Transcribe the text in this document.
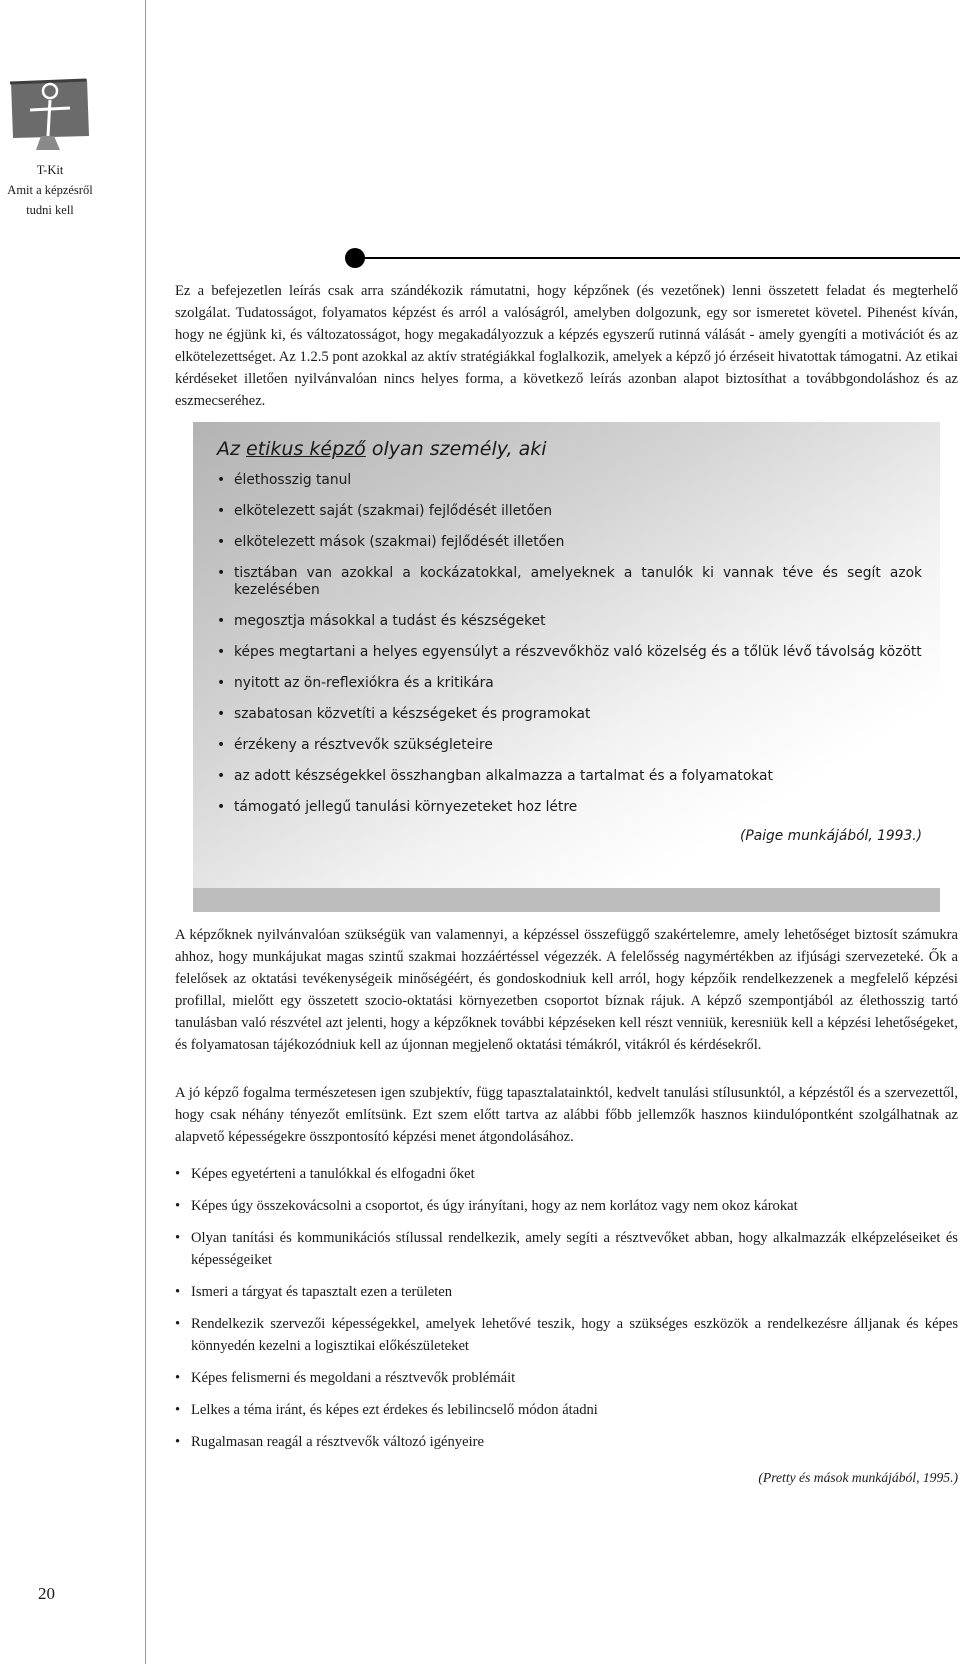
T-Kit
Amit a képzésről
tudni kell
20

Ez a befejezetlen leírás csak arra szándékozik rámutatni, hogy képzőnek (és vezetőnek) lenni összetett feladat és megterhelő szolgálat. Tudatosságot, folyamatos képzést és arról a valóságról, amelyben dolgozunk, egy sor ismeretet követel. Pihenést kíván, hogy ne égjünk ki, és változatosságot, hogy megakadályozzuk a képzés egyszerű rutinná válását - amely gyengíti a motivációt és az elkötelezettséget. Az 1.2.5 pont azokkal az aktív stratégiákkal foglalkozik, amelyek a képző jó érzéseit hivatottak támogatni. Az etikai kérdéseket illetően nyilvánvalóan nincs helyes forma, a következő leírás azonban alapot biztosíthat a továbbgondoláshoz és az eszmecseréhez.

Az etikus képző olyan személy, aki
• élethosszig tanul
• elkötelezett saját (szakmai) fejlődését illetően
• elkötelezett mások (szakmai) fejlődését illetően
• tisztában van azokkal a kockázatokkal, amelyeknek a tanulók ki vannak téve és segít azok kezelésében
• megosztja másokkal a tudást és készségeket
• képes megtartani a helyes egyensúlyt a részvevőkhöz való közelség és a tőlük lévő távolság között
• nyitott az ön-reflexiókra és a kritikára
• szabatosan közvetíti a készségeket és programokat
• érzékeny a résztvevők szükségleteire
• az adott készségekkel összhangban alkalmazza a tartalmat és a folyamatokat
• támogató jellegű tanulási környezeteket hoz létre
(Paige munkájából, 1993.)

A képzőknek nyilvánvalóan szükségük van valamennyi, a képzéssel összefüggő szakértelemre, amely lehetőséget biztosít számukra ahhoz, hogy munkájukat magas szintű szakmai hozzáértéssel végezzék. A felelősség nagymértékben az ifjúsági szervezeteké. Ők a felelősek az oktatási tevékenységeik minőségéért, és gondoskodniuk kell arról, hogy képzőik rendelkezzenek a megfelelő képzési profillal, mielőtt egy összetett szocio-oktatási környezetben csoportot bíznak rájuk. A képző szempontjából az élethosszig tartó tanulásban való részvétel azt jelenti, hogy a képzőknek további képzéseken kell részt venniük, keresniük kell a képzési lehetőségeket, és folyamatosan tájékozódniuk kell az újonnan megjelenő oktatási témákról, vitákról és kérdésekről.

A jó képző fogalma természetesen igen szubjektív, függ tapasztalatainktól, kedvelt tanulási stílusunktól, a képzéstől és a szervezettől, hogy csak néhány tényezőt említsünk. Ezt szem előtt tartva az alábbi főbb jellemzők hasznos kiindulópontként szolgálhatnak az alapvető képességekre összpontosító képzési menet átgondolásához.

• Képes egyetérteni a tanulókkal és elfogadni őket
• Képes úgy összekovácsolni a csoportot, és úgy irányítani, hogy az nem korlátoz vagy nem okoz károkat
• Olyan tanítási és kommunikációs stílussal rendelkezik, amely segíti a résztvevőket abban, hogy alkalmazzák elképzeléseiket és képességeiket
• Ismeri a tárgyat és tapasztalt ezen a területen
• Rendelkezik szervezői képességekkel, amelyek lehetővé teszik, hogy a szükséges eszközök a rendelkezésre álljanak és képes könnyedén kezelni a logisztikai előkészületeket
• Képes felismerni és megoldani a résztvevők problémáit
• Lelkes a téma iránt, és képes ezt érdekes és lebilincselő módon átadni
• Rugalmasan reagál a résztvevők változó igényeire
(Pretty és mások munkájából, 1995.)
